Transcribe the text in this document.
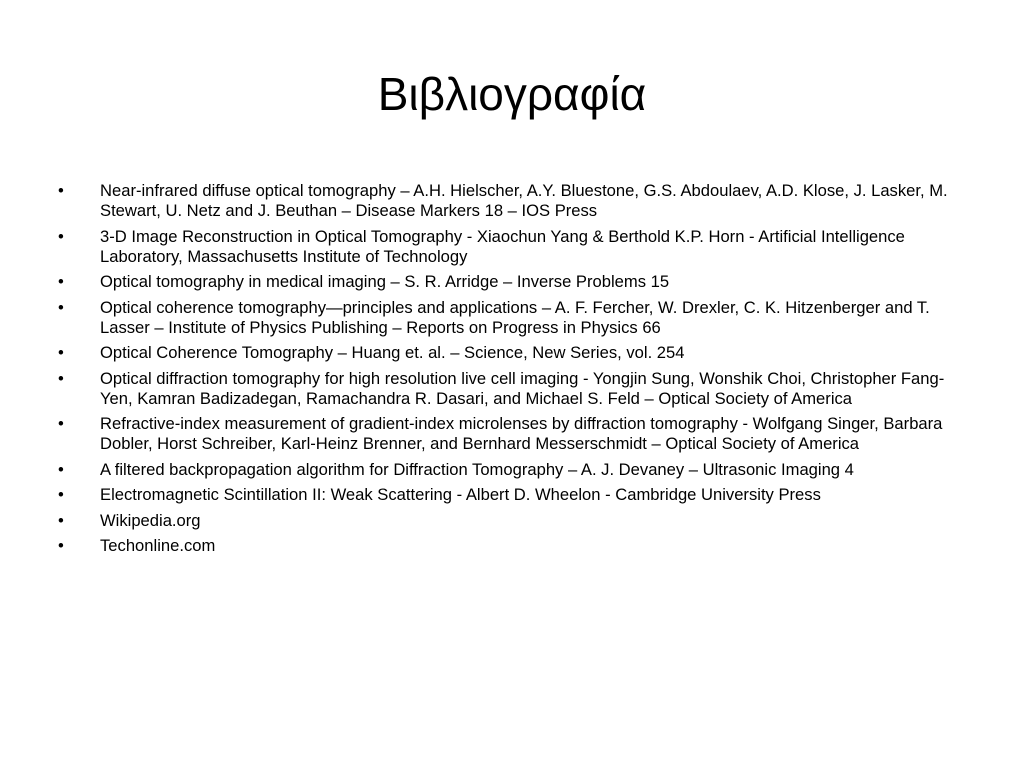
Βιβλιογραφία
•	Near-infrared diffuse optical tomography – A.H. Hielscher, A.Y. Bluestone, G.S. Abdoulaev, A.D. Klose, J. Lasker, M. Stewart, U. Netz and J. Beuthan – Disease Markers 18 – IOS Press
•	3-D Image Reconstruction in Optical Tomography - Xiaochun Yang & Berthold K.P. Horn - Artificial Intelligence Laboratory, Massachusetts Institute of Technology
•	Optical tomography in medical imaging – S. R. Arridge – Inverse Problems 15
•	Optical coherence tomography—principles and applications – A. F. Fercher, W. Drexler, C. K. Hitzenberger and T. Lasser – Institute of Physics Publishing – Reports on Progress in Physics 66
•	Optical Coherence Tomography – Huang et. al. – Science, New Series, vol. 254
•	Optical diffraction tomography for high resolution live cell imaging - Yongjin Sung, Wonshik Choi, Christopher Fang-Yen, Kamran Badizadegan, Ramachandra R. Dasari, and Michael S. Feld – Optical Society of America
•	Refractive-index measurement of gradient-index microlenses by diffraction tomography - Wolfgang Singer, Barbara Dobler, Horst Schreiber, Karl-Heinz Brenner, and Bernhard Messerschmidt – Optical Society of America
•	A filtered backpropagation algorithm for Diffraction Tomography – A. J. Devaney – Ultrasonic Imaging 4
•	Electromagnetic Scintillation II: Weak Scattering - Albert D. Wheelon - Cambridge University Press
•	Wikipedia.org
•	Techonline.com
